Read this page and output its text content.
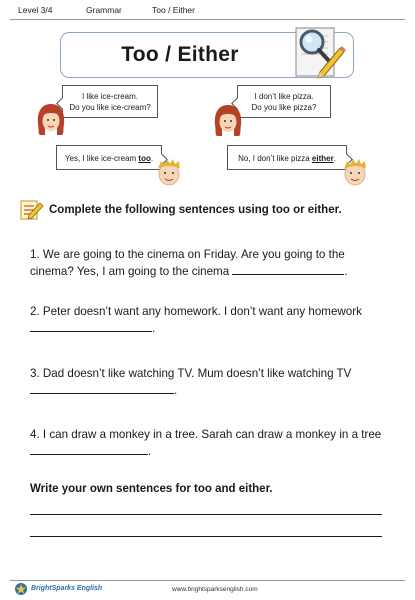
Level 3/4	Grammar	Too / Either
Too / Either
I like ice-cream.
Do you like ice-cream?
I don’t like pizza.
Do you like pizza?
Yes, I like ice-cream too.	No, I don’t like pizza either.
Complete the following sentences using too or either.
1. We are going to the cinema on Friday. Are you going to the cinema? Yes, I am going to the cinema	.
2. Peter doesn’t want any homework. I don’t want any homework .
3. Dad doesn’t like watching TV. Mum doesn’t like watching TV .
4. I can draw a monkey in a tree. Sarah can draw a monkey in a tree .
Write your own sentences for too and either.
BrightSparks English	www.brightsparksenglish.com
